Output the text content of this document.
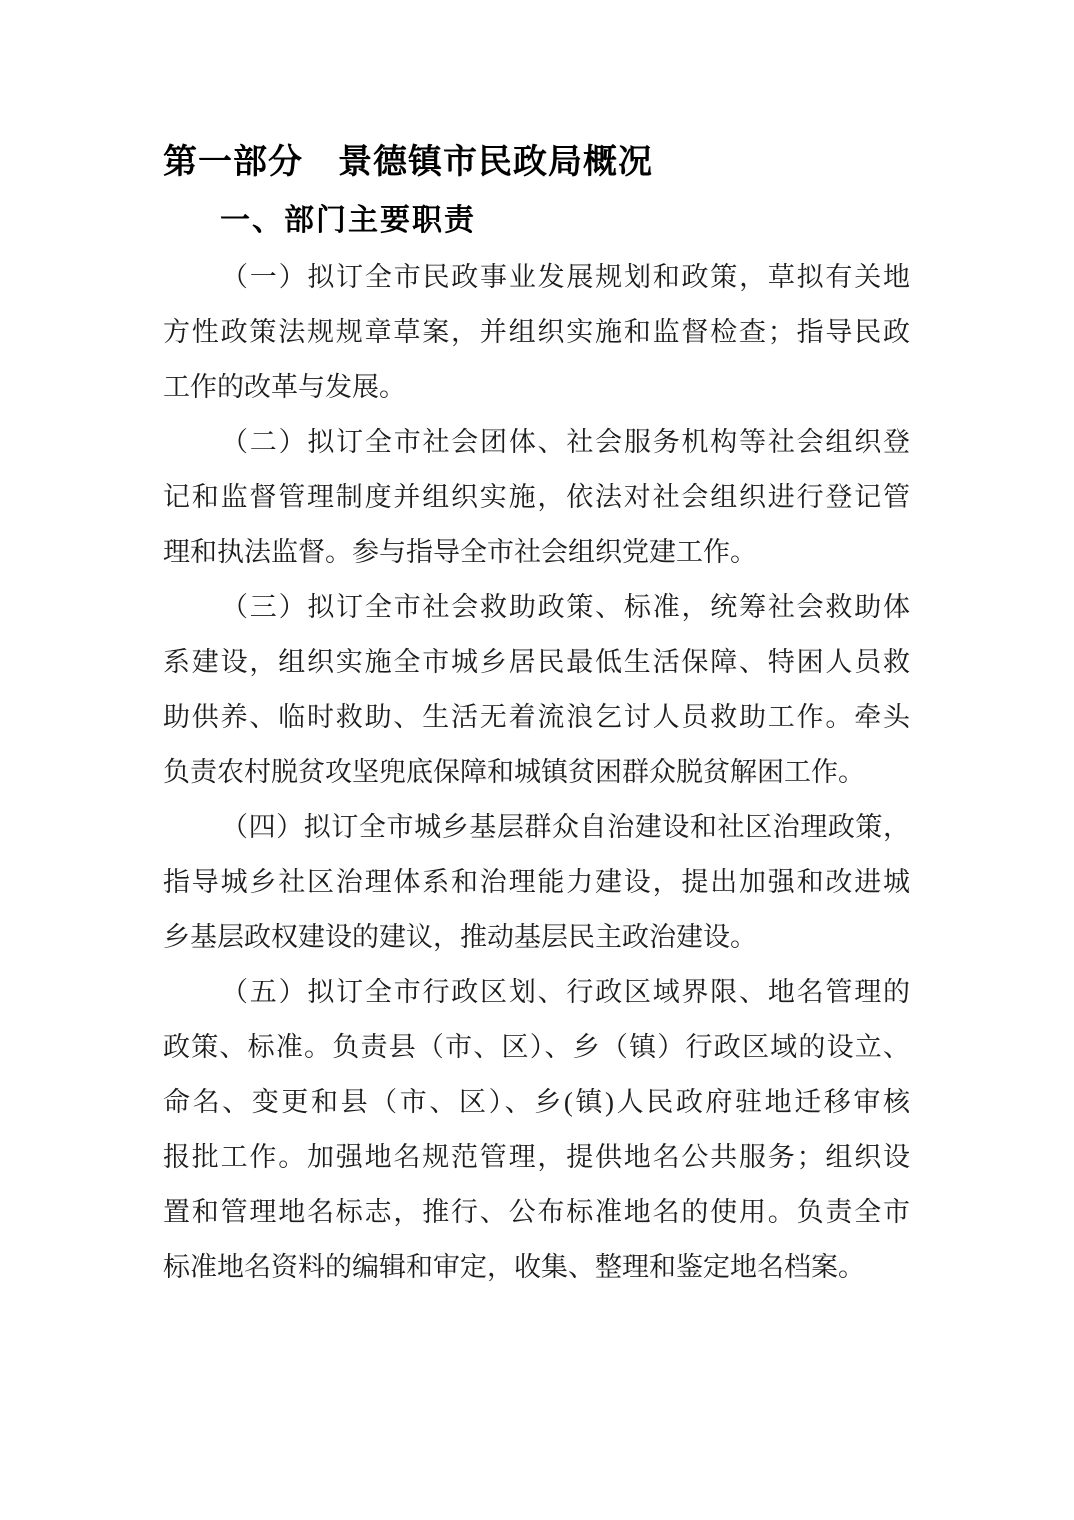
第一部分　景德镇市民政局概况
一、部门主要职责
（一）拟订全市民政事业发展规划和政策，草拟有关地
方性政策法规规章草案，并组织实施和监督检查；指导民政
工作的改革与发展。
（二）拟订全市社会团体、社会服务机构等社会组织登
记和监督管理制度并组织实施，依法对社会组织进行登记管
理和执法监督。参与指导全市社会组织党建工作。
（三）拟订全市社会救助政策、标准，统筹社会救助体
系建设，组织实施全市城乡居民最低生活保障、特困人员救
助供养、临时救助、生活无着流浪乞讨人员救助工作。牵头
负责农村脱贫攻坚兜底保障和城镇贫困群众脱贫解困工作。
（四）拟订全市城乡基层群众自治建设和社区治理政策，
指导城乡社区治理体系和治理能力建设，提出加强和改进城
乡基层政权建设的建议，推动基层民主政治建设。
（五）拟订全市行政区划、行政区域界限、地名管理的
政策、标准。负责县（市、区）、乡（镇）行政区域的设立、
命名、变更和县（市、区）、乡(镇)人民政府驻地迁移审核
报批工作。加强地名规范管理，提供地名公共服务；组织设
置和管理地名标志，推行、公布标准地名的使用。负责全市
标准地名资料的编辑和审定，收集、整理和鉴定地名档案。
